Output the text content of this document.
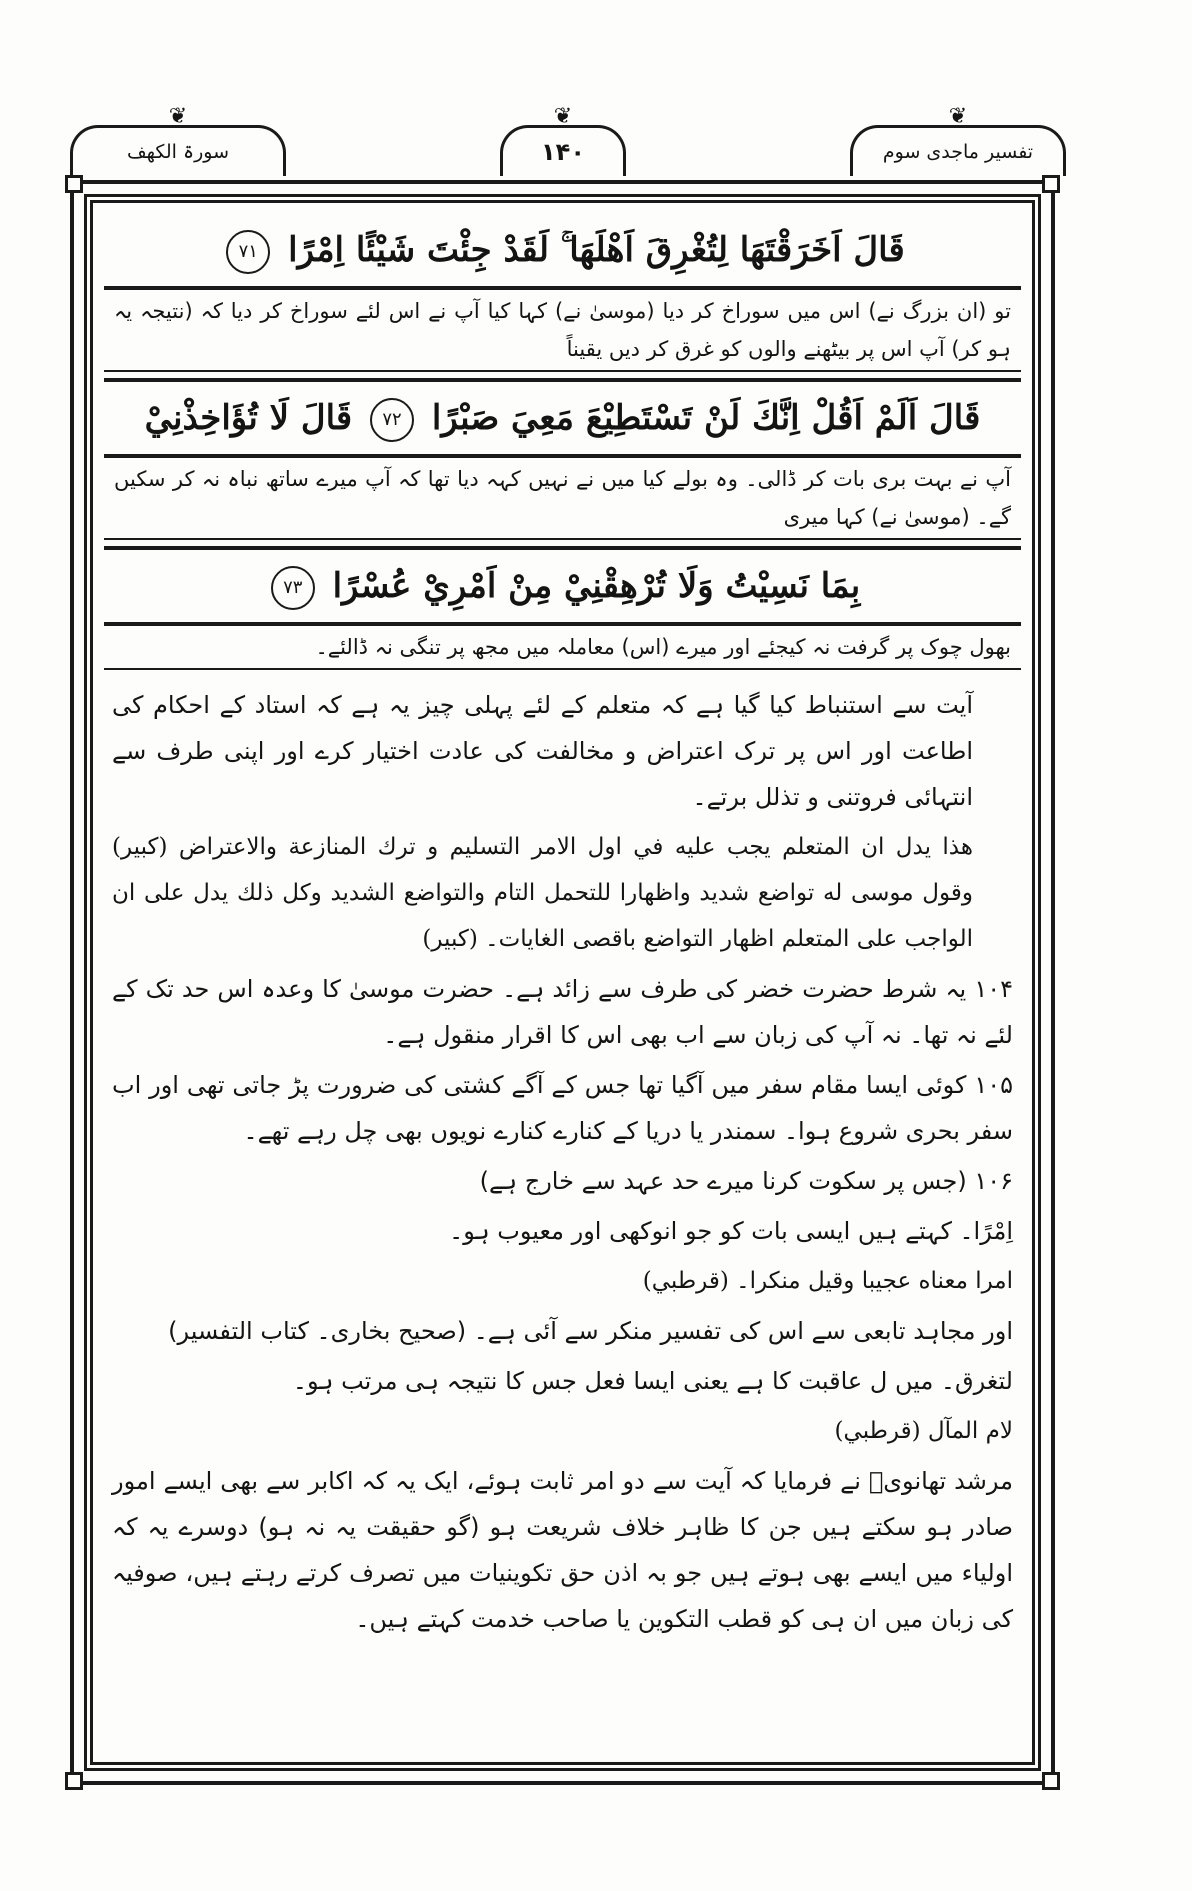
❦
سورۃ الکھف
❦
۱۴۰
❦
تفسیر ماجدی سوم
قَالَ اَخَرَقْتَهَا لِتُغْرِقَ اَهْلَهَا ۚ لَقَدْ جِئْتَ شَيْئًا اِمْرًا ۷۱
تو (ان بزرگ نے) اس میں سوراخ کر دیا (موسیٰ نے) کہا کیا آپ نے اس لئے سوراخ کر دیا کہ (نتیجہ یہ ہو کر) آپ اس پر بیٹھنے والوں کو غرق کر دیں یقیناً
قَالَ اَلَمْ اَقُلْ اِنَّكَ لَنْ تَسْتَطِيْعَ مَعِيَ صَبْرًا ۷۲ قَالَ لَا تُؤَاخِذْنِيْ
آپ نے بہت بری بات کر ڈالی۔ وہ بولے کیا میں نے نہیں کہہ دیا تھا کہ آپ میرے ساتھ نباہ نہ کر سکیں گے۔ (موسیٰ نے) کہا میری
بِمَا نَسِيْتُ وَلَا تُرْهِقْنِيْ مِنْ اَمْرِيْ عُسْرًا ۷۳
بھول چوک پر گرفت نہ کیجئے اور میرے (اس) معاملہ میں مجھ پر تنگی نہ ڈالئے۔

آیت سے استنباط کیا گیا ہے کہ متعلم کے لئے پہلی چیز یہ ہے کہ استاد کے احکام کی اطاعت اور اس پر ترک اعتراض و مخالفت کی عادت اختیار کرے اور اپنی طرف سے انتہائی فروتنی و تذلل برتے۔

هذا يدل ان المتعلم يجب عليه في اول الامر التسليم و ترك المنازعة والاعتراض (كبير) وقول موسى له تواضع شديد واظهارا للتحمل التام والتواضع الشديد وكل ذلك يدل على ان الواجب على المتعلم اظهار التواضع باقصى الغايات۔ (كبير)

۱۰۴ یہ شرط حضرت خضر کی طرف سے زائد ہے۔ حضرت موسیٰ کا وعدہ اس حد تک کے لئے نہ تھا۔ نہ آپ کی زبان سے اب بھی اس کا اقرار منقول ہے۔

۱۰۵ کوئی ایسا مقام سفر میں آگیا تھا جس کے آگے کشتی کی ضرورت پڑ جاتی تھی اور اب سفر بحری شروع ہوا۔ سمندر یا دریا کے کنارے کنارے نویوں بھی چل رہے تھے۔

۱۰۶ (جس پر سکوت کرنا میرے حد عہد سے خارج ہے)

اِمْرًا۔ کہتے ہیں ایسی بات کو جو انوکھی اور معیوب ہو۔

امرا معناه عجيبا وقيل منكرا۔ (قرطبي)

اور مجاہد تابعی سے اس کی تفسیر منکر سے آئی ہے۔ (صحیح بخاری۔ کتاب التفسیر)

لتغرق۔ میں ل عاقبت کا ہے یعنی ایسا فعل جس کا نتیجہ ہی مرتب ہو۔

لام المآل (قرطبي)

مرشد تھانویؒ نے فرمایا کہ آیت سے دو امر ثابت ہوئے، ایک یہ کہ اکابر سے بھی ایسے امور صادر ہو سکتے ہیں جن کا ظاہر خلاف شریعت ہو (گو حقیقت یہ نہ ہو) دوسرے یہ کہ اولیاء میں ایسے بھی ہوتے ہیں جو بہ اذن حق تکوینیات میں تصرف کرتے رہتے ہیں، صوفیہ کی زبان میں ان ہی کو قطب التکوین یا صاحب خدمت کہتے ہیں۔
